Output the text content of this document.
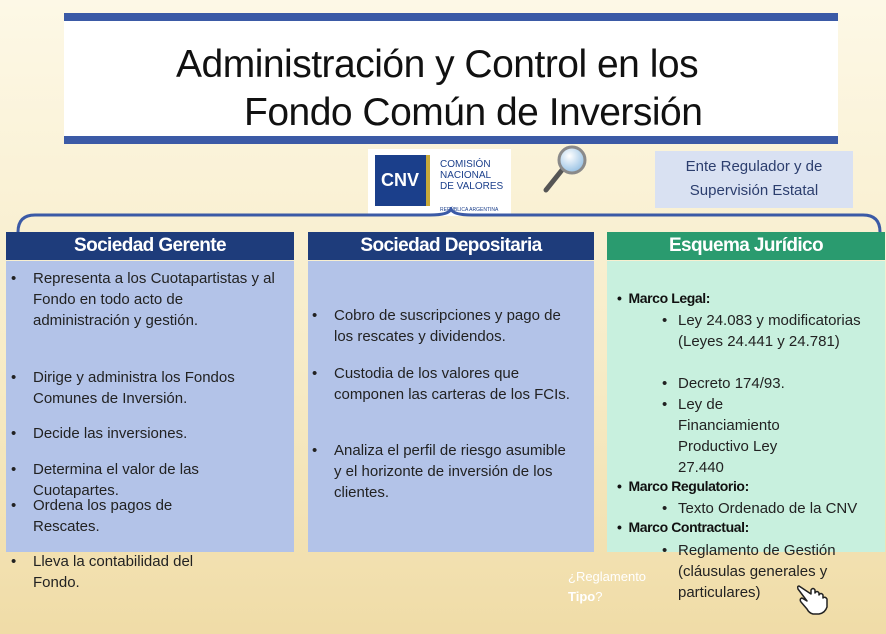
Administración y Control en los
Fondo Común de Inversión
CNV
COMISIÓN
NACIONAL
DE VALORES
REPÚBLICA ARGENTINA
Ente Regulador y de
Supervisión Estatal
Sociedad Gerente	Sociedad Depositaria	Esquema Jurídico
• Representa a los Cuotapartistas y al Fondo en todo acto de administración y gestión.
• Dirige y administra los Fondos Comunes de Inversión.
• Decide las inversiones.
• Determina el valor de las Cuotapartes.
• Ordena los pagos de Rescates.
• Lleva la contabilidad del Fondo.
• Cobro de suscripciones y pago de los rescates y dividendos.
• Custodia de los valores que componen las carteras de los FCIs.
• Analiza el perfil de riesgo asumible y el horizonte de inversión de los clientes.
•  Marco Legal:
• Ley 24.083 y modificatorias (Leyes 24.441 y 24.781)
• Decreto 174/93.
• Ley de Financiamiento Productivo Ley 27.440
•  Marco Regulatorio:
• Texto Ordenado de la CNV
•  Marco Contractual:
• Reglamento de Gestión (cláusulas generales y particulares)
¿Reglamento
Tipo?
